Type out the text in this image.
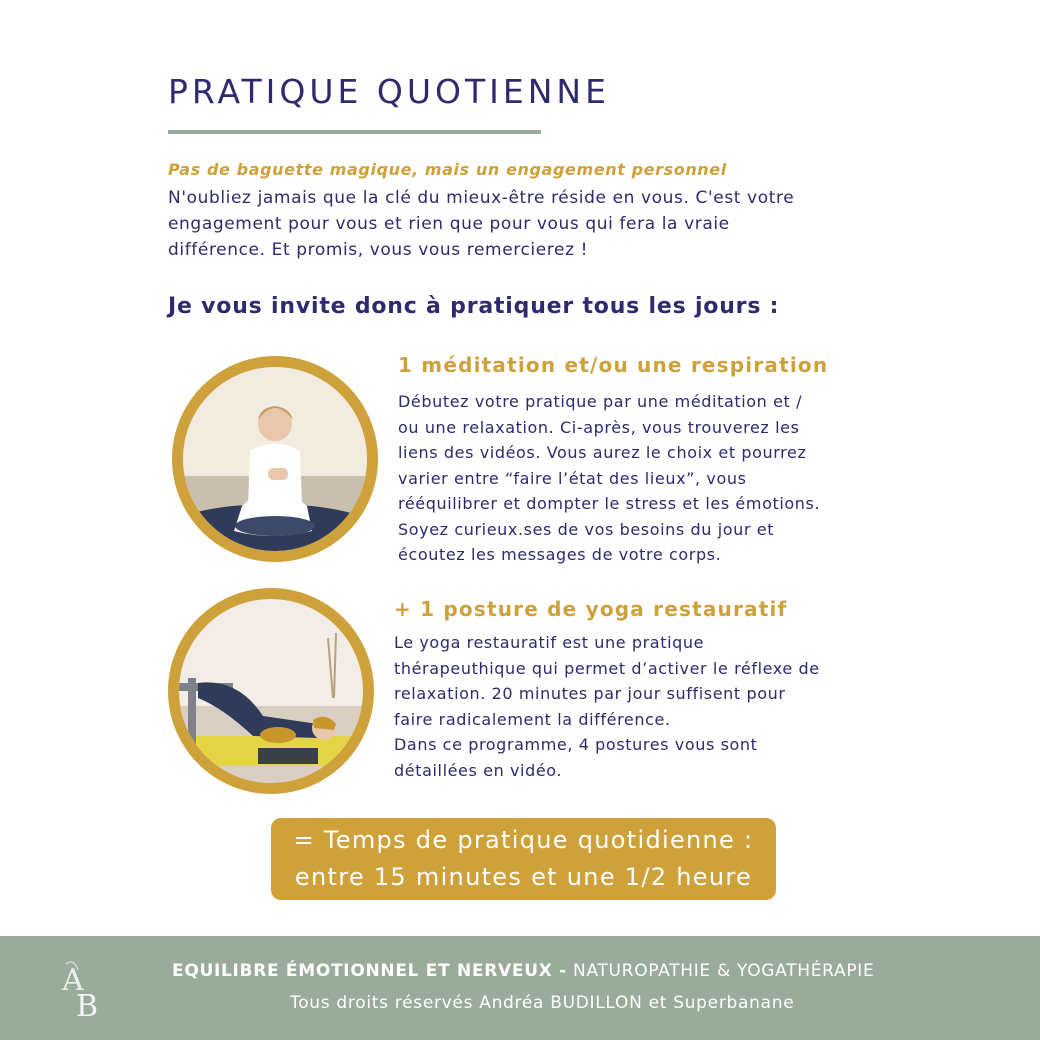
PRATIQUE QUOTIENNE
Pas de baguette magique, mais un engagement personnel

N'oubliez jamais que la clé du mieux-être réside en vous. C'est votre engagement pour vous et rien que pour vous qui fera la vraie différence. Et promis, vous vous remercierez !

Je vous invite donc à pratiquer tous les jours :
1 méditation et/ou une respiration
Débutez votre pratique par une méditation et /
ou une relaxation. Ci-après, vous trouverez les
liens des vidéos. Vous aurez le choix et pourrez
varier entre “faire l’état des lieux”, vous
rééquilibrer et dompter le stress et les émotions.
Soyez curieux.ses de vos besoins du jour et
écoutez les messages de votre corps.
+ 1 posture de yoga restauratif
Le yoga restauratif est une pratique
thérapeuthique qui permet d’activer le réflexe de
relaxation. 20 minutes par jour suffisent pour
faire radicalement la différence.
Dans ce programme, 4 postures vous sont
détaillées en vidéo.
= Temps de pratique quotidienne :
entre 15 minutes et une 1/2 heure
A
B
EQUILIBRE ÉMOTIONNEL ET NERVEUX - NATUROPATHIE & YOGATHÉRAPIE
Tous droits réservés Andréa BUDILLON et Superbanane
